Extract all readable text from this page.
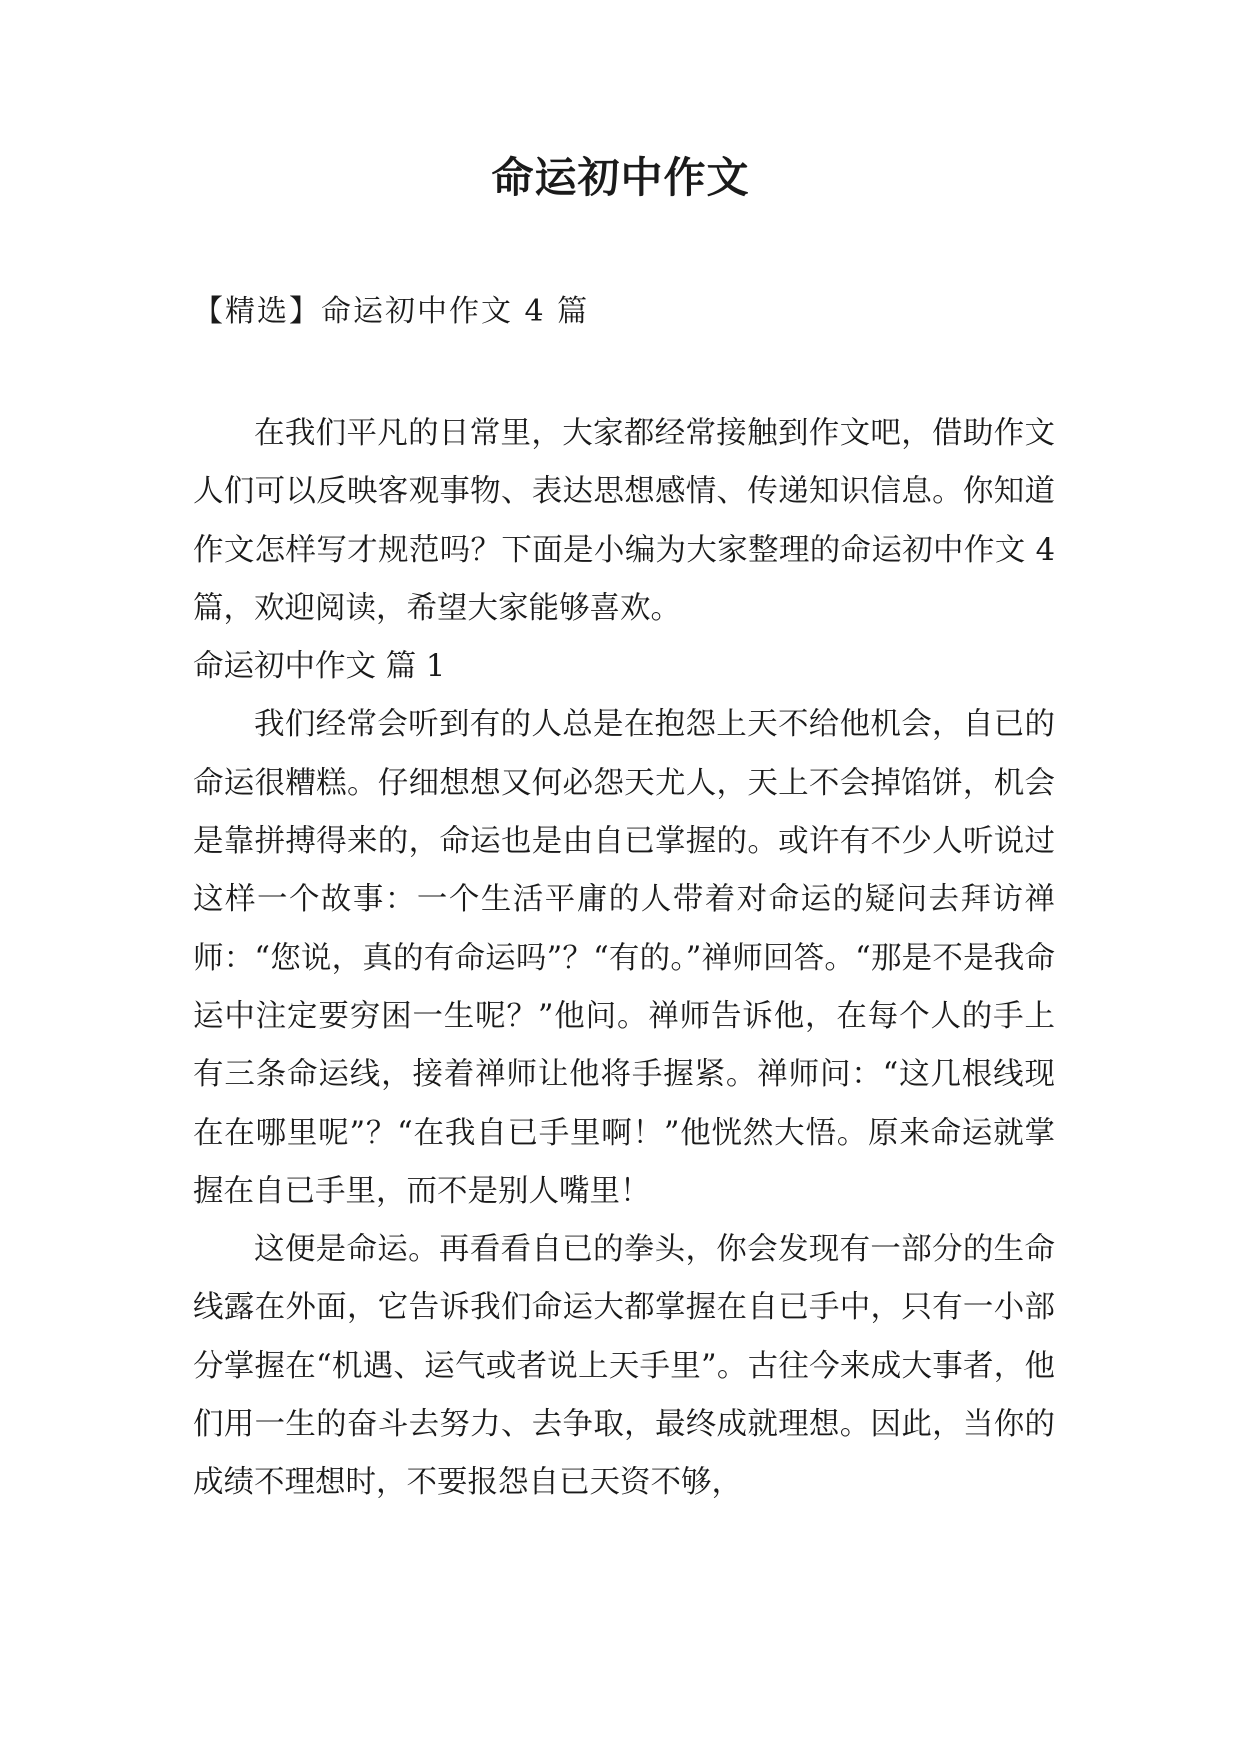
命运初中作文

【精选】命运初中作文 4 篇

在我们平凡的日常里，大家都经常接触到作文吧，借助作文人们可以反映客观事物、表达思想感情、传递知识信息。你知道作文怎样写才规范吗？下面是小编为大家整理的命运初中作文 4 篇，欢迎阅读，希望大家能够喜欢。

命运初中作文 篇 1

我们经常会听到有的人总是在抱怨上天不给他机会，自已的命运很糟糕。仔细想想又何必怨天尤人，天上不会掉馅饼，机会是靠拼搏得来的，命运也是由自已掌握的。或许有不少人听说过这样一个故事：一个生活平庸的人带着对命运的疑问去拜访禅师：“您说，真的有命运吗”？“有的。”禅师回答。“那是不是我命运中注定要穷困一生呢？”他问。禅师告诉他，在每个人的手上有三条命运线，接着禅师让他将手握紧。禅师问：“这几根线现在在哪里呢”？“在我自已手里啊！”他恍然大悟。原来命运就掌握在自已手里，而不是别人嘴里！

这便是命运。再看看自已的拳头，你会发现有一部分的生命线露在外面，它告诉我们命运大都掌握在自已手中，只有一小部分掌握在“机遇、运气或者说上天手里”。古往今来成大事者，他们用一生的奋斗去努力、去争取，最终成就理想。因此，当你的成绩不理想时，不要报怨自已天资不够，
